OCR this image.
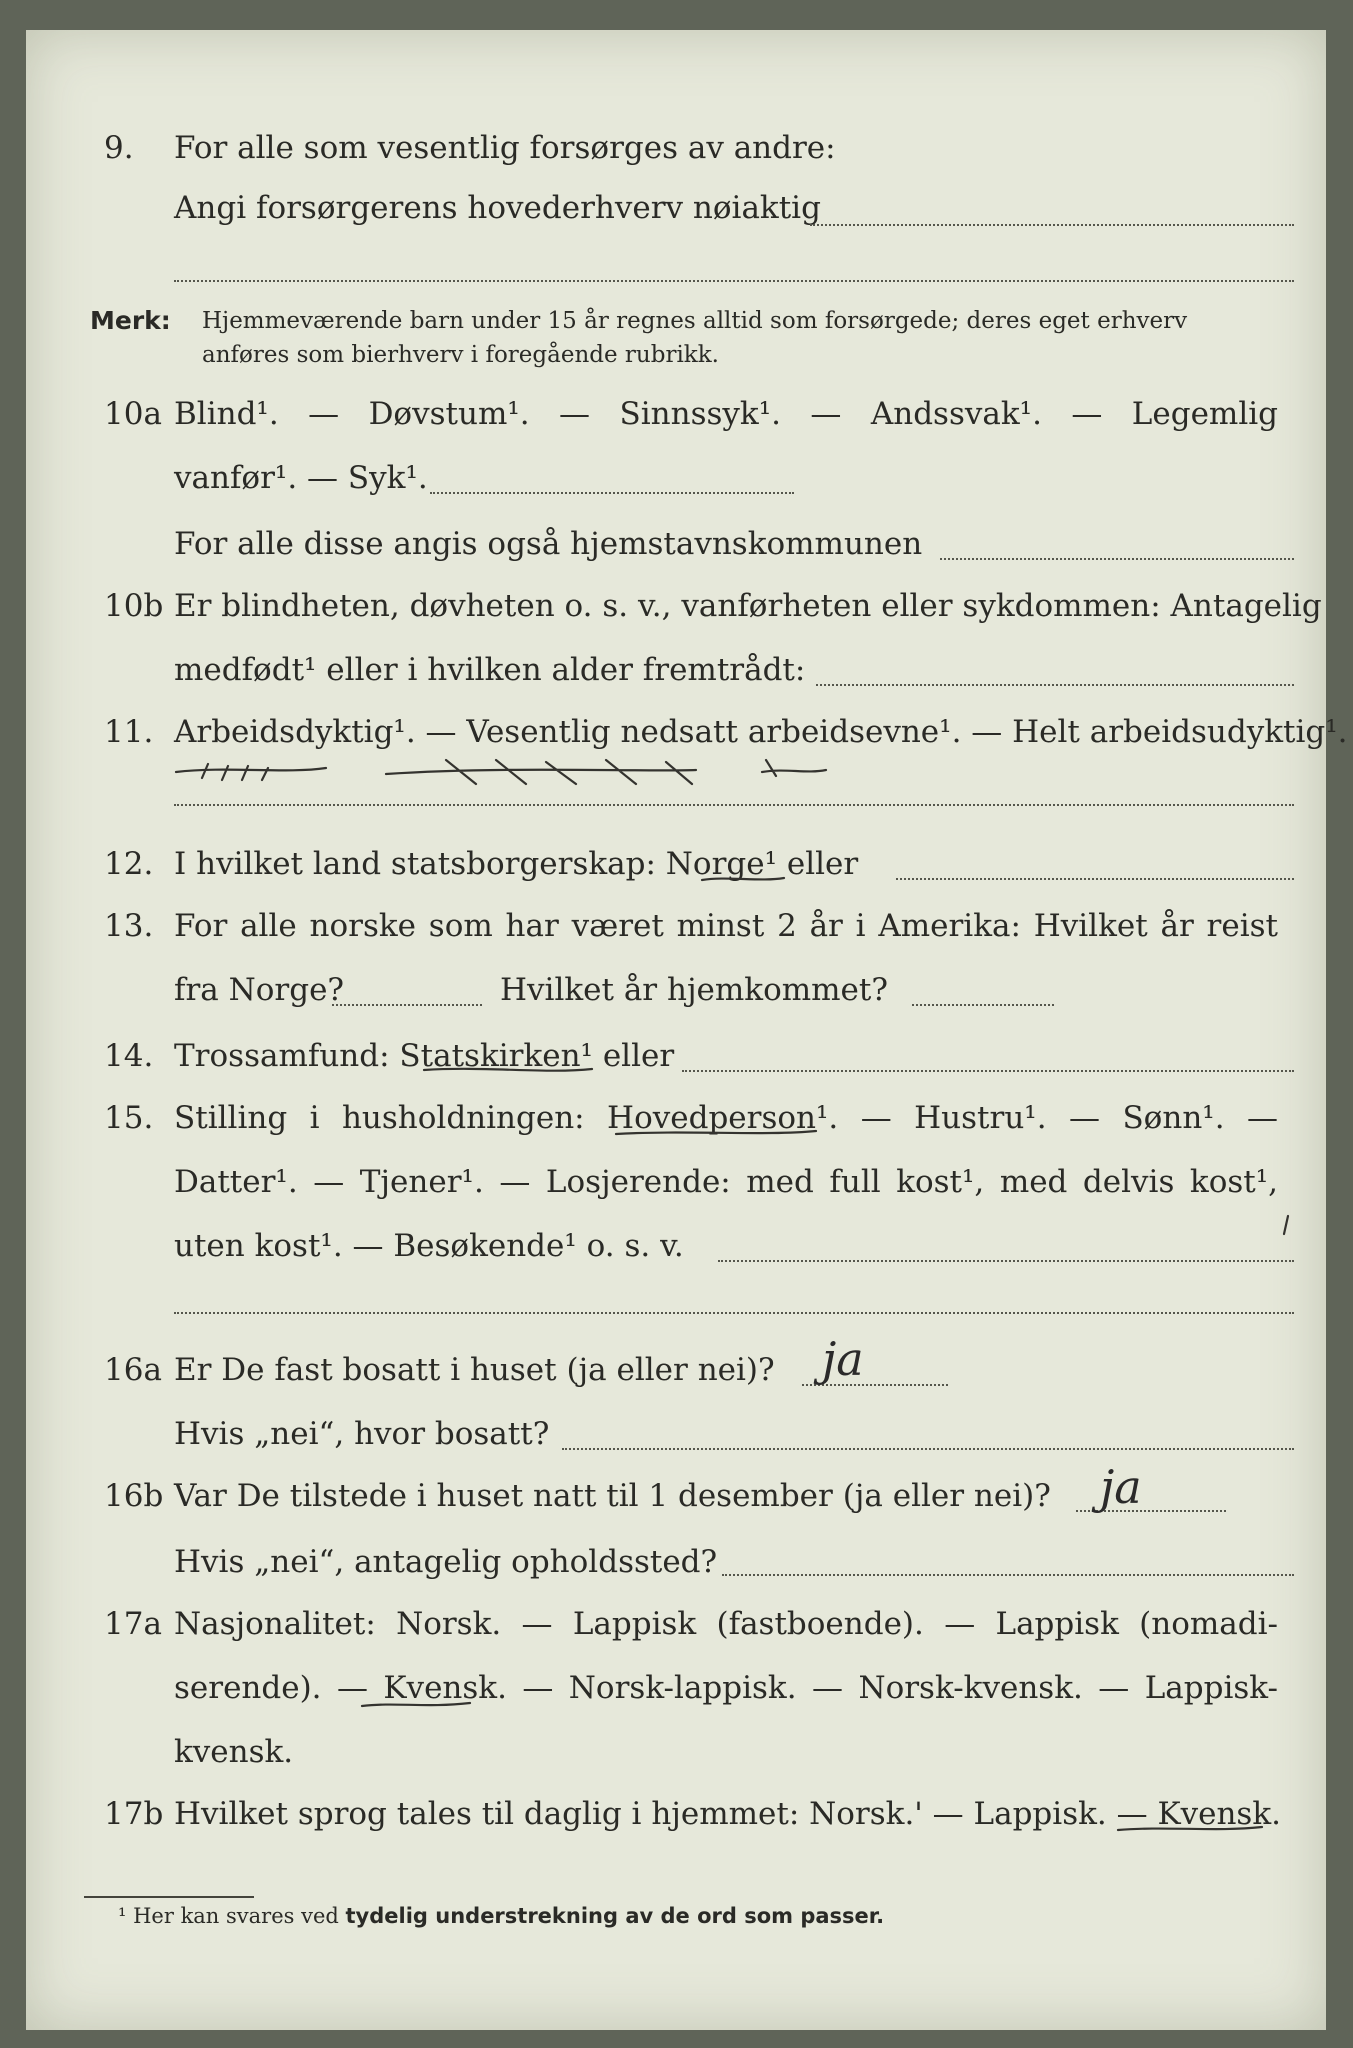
9. For alle som vesentlig forsørges av andre:
Angi forsørgerens hovederhverv nøiaktig
Merk: Hjemmeværende barn under 15 år regnes alltid som forsørgede; deres eget erhverv
anføres som bierhverv i foregående rubrikk.
10a Blind¹. — Døvstum¹. — Sinnssyk¹. — Andssvak¹. — Legemlig
vanfør¹. — Syk¹.
For alle disse angis også hjemstavnskommunen
10b Er blindheten, døvheten o. s. v., vanførheten eller sykdommen: Antagelig
medfødt¹ eller i hvilken alder fremtrådt:
11. Arbeidsdyktig¹. — Vesentlig nedsatt arbeidsevne¹. — Helt arbeidsudyktig¹.
12. I hvilket land statsborgerskap: Norge¹ eller
13. For alle norske som har været minst 2 år i Amerika: Hvilket år reist
fra Norge?	Hvilket år hjemkommet?
14. Trossamfund: Statskirken¹ eller
15. Stilling i husholdningen: Hovedperson¹. — Hustru¹. — Sønn¹. —
Datter¹. — Tjener¹. — Losjerende: med full kost¹, med delvis kost¹,
uten kost¹. — Besøkende¹ o. s. v.
16a Er De fast bosatt i huset (ja eller nei)? ja
Hvis „nei“, hvor bosatt?
16b Var De tilstede i huset natt til 1 desember (ja eller nei)? ja
Hvis „nei“, antagelig opholdssted?
17a Nasjonalitet: Norsk. — Lappisk (fastboende). — Lappisk (nomadi-
serende). — Kvensk. — Norsk-lappisk. — Norsk-kvensk. — Lappisk-
kvensk.
17b Hvilket sprog tales til daglig i hjemmet: Norsk.' — Lappisk. — Kvensk.
¹ Her kan svares ved tydelig understrekning av de ord som passer.
